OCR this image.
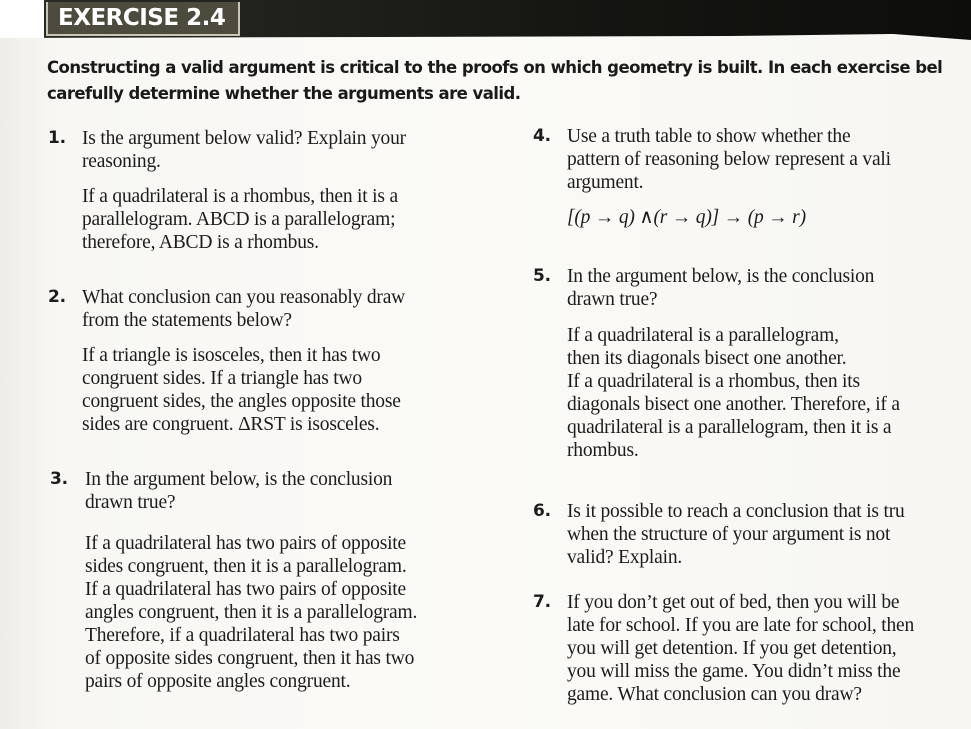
EXERCISE 2.4
Constructing a valid argument is critical to the proofs on which geometry is built. In each exercise bel
carefully determine whether the arguments are valid.
1. Is the argument below valid? Explain your
reasoning.
If a quadrilateral is a rhombus, then it is a
parallelogram. ABCD is a parallelogram;
therefore, ABCD is a rhombus.
2. What conclusion can you reasonably draw
from the statements below?
If a triangle is isosceles, then it has two
congruent sides. If a triangle has two
congruent sides, the angles opposite those
sides are congruent. ΔRST is isosceles.
3. In the argument below, is the conclusion
drawn true?
If a quadrilateral has two pairs of opposite
sides congruent, then it is a parallelogram.
If a quadrilateral has two pairs of opposite
angles congruent, then it is a parallelogram.
Therefore, if a quadrilateral has two pairs
of opposite sides congruent, then it has two
pairs of opposite angles congruent.
4. Use a truth table to show whether the
pattern of reasoning below represent a vali
argument.
[(p → q) ∧(r → q)] → (p → r)
5. In the argument below, is the conclusion
drawn true?
If a quadrilateral is a parallelogram,
then its diagonals bisect one another.
If a quadrilateral is a rhombus, then its
diagonals bisect one another. Therefore, if a
quadrilateral is a parallelogram, then it is a
rhombus.
6. Is it possible to reach a conclusion that is tru
when the structure of your argument is not
valid? Explain.
7. If you don’t get out of bed, then you will be
late for school. If you are late for school, then
you will get detention. If you get detention,
you will miss the game. You didn’t miss the
game. What conclusion can you draw?
